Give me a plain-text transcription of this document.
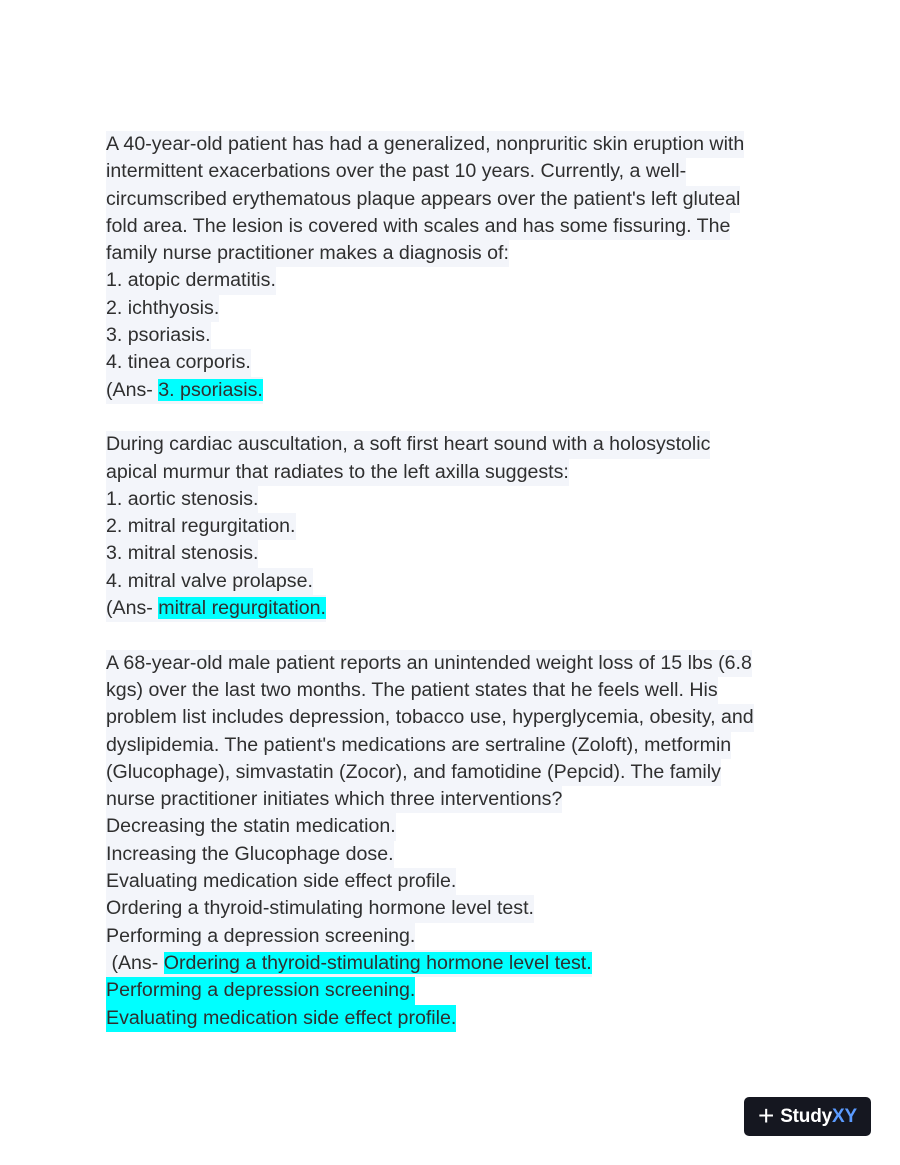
A 40-year-old patient has had a generalized, nonpruritic skin eruption with
intermittent exacerbations over the past 10 years. Currently, a well-
circumscribed erythematous plaque appears over the patient's left gluteal
fold area. The lesion is covered with scales and has some fissuring. The
family nurse practitioner makes a diagnosis of:
1. atopic dermatitis.
2. ichthyosis.
3. psoriasis.
4. tinea corporis.
(Ans- 3. psoriasis.
During cardiac auscultation, a soft first heart sound with a holosystolic
apical murmur that radiates to the left axilla suggests:
1. aortic stenosis.
2. mitral regurgitation.
3. mitral stenosis.
4. mitral valve prolapse.
(Ans- mitral regurgitation.
A 68-year-old male patient reports an unintended weight loss of 15 lbs (6.8
kgs) over the last two months. The patient states that he feels well. His
problem list includes depression, tobacco use, hyperglycemia, obesity, and
dyslipidemia. The patient's medications are sertraline (Zoloft), metformin
(Glucophage), simvastatin (Zocor), and famotidine (Pepcid). The family
nurse practitioner initiates which three interventions?
Decreasing the statin medication.
Increasing the Glucophage dose.
Evaluating medication side effect profile.
Ordering a thyroid-stimulating hormone level test.
Performing a depression screening.
(Ans- Ordering a thyroid-stimulating hormone level test.
Performing a depression screening.
Evaluating medication side effect profile.
+ Study XY
